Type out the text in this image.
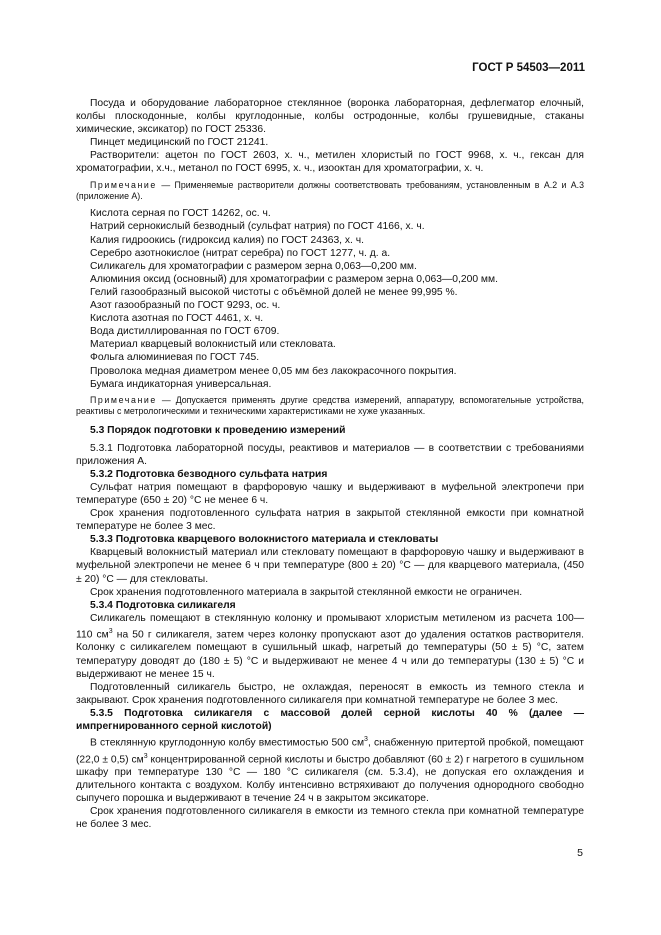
ГОСТ Р 54503—2011

Посуда и оборудование лабораторное стеклянное (воронка лабораторная, дефлегматор елочный, колбы плоскодонные, колбы круглодонные, колбы остродонные, колбы грушевидные, стаканы химические, эксикатор) по ГОСТ 25336.

Пинцет медицинский по ГОСТ 21241.

Растворители: ацетон по ГОСТ 2603, х. ч., метилен хлористый по ГОСТ 9968, х. ч., гексан для хроматографии, х.ч., метанол по ГОСТ 6995, х. ч., изооктан для хроматографии, х. ч.

Примечание — Применяемые растворители должны соответствовать требованиям, установленным в А.2 и А.3 (приложение А).

Кислота серная по ГОСТ 14262, ос. ч.

Натрий сернокислый безводный (сульфат натрия) по ГОСТ 4166, х. ч.

Калия гидроокись (гидроксид калия) по ГОСТ 24363, х. ч.

Серебро азотнокислое (нитрат серебра) по ГОСТ 1277, ч. д. а.

Силикагель для хроматографии с размером зерна 0,063—0,200 мм.

Алюминия оксид (основный) для хроматографии с размером зерна 0,063—0,200 мм.

Гелий газообразный высокой чистоты с объёмной долей не менее 99,995 %.

Азот газообразный по ГОСТ 9293, ос. ч.

Кислота азотная по ГОСТ 4461, х. ч.

Вода дистиллированная по ГОСТ 6709.

Материал кварцевый волокнистый или стекловата.

Фольга алюминиевая по ГОСТ 745.

Проволока медная диаметром менее 0,05 мм без лакокрасочного покрытия.

Бумага индикаторная универсальная.

Примечание — Допускается применять другие средства измерений, аппаратуру, вспомогательные устройства, реактивы с метрологическими и техническими характеристиками не хуже указанных.

5.3 Порядок подготовки к проведению измерений

5.3.1 Подготовка лабораторной посуды, реактивов и материалов — в соответствии с требованиями приложения А.

5.3.2 Подготовка безводного сульфата натрия

Сульфат натрия помещают в фарфоровую чашку и выдерживают в муфельной электропечи при температуре (650 ± 20) °С не менее 6 ч.

Срок хранения подготовленного сульфата натрия в закрытой стеклянной емкости при комнатной температуре не более 3 мес.

5.3.3 Подготовка кварцевого волокнистого материала и стекловаты

Кварцевый волокнистый материал или стекловату помещают в фарфоровую чашку и выдерживают в муфельной электропечи не менее 6 ч при температуре (800 ± 20) °С — для кварцевого материала, (450 ± 20) °С — для стекловаты.

Срок хранения подготовленного материала в закрытой стеклянной емкости не ограничен.

5.3.4 Подготовка силикагеля

Силикагель помещают в стеклянную колонку и промывают хлористым метиленом из расчета 100—110 $см^3$ на 50 г силикагеля, затем через колонку пропускают азот до удаления остатков растворителя. Колонку с силикагелем помещают в сушильный шкаф, нагретый до температуры (50 ± 5) °С, затем температуру доводят до (180 ± 5) °С и выдерживают не менее 4 ч или до температуры (130 ± 5) °С и выдерживают не менее 15 ч.

Подготовленный силикагель быстро, не охлаждая, переносят в емкость из темного стекла и закрывают. Срок хранения подготовленного силикагеля при комнатной температуре не более 3 мес.

5.3.5 Подготовка силикагеля с массовой долей серной кислоты 40 % (далее — импрегнированного серной кислотой)

В стеклянную круглодонную колбу вместимостью 500 $см^3$, снабженную притертой пробкой, помещают (22,0 ± 0,5) $см^3$ концентрированной серной кислоты и быстро добавляют (60 ± 2) г нагретого в сушильном шкафу при температуре 130 °С — 180 °С силикагеля (см. 5.3.4), не допуская его охлаждения и длительного контакта с воздухом. Колбу интенсивно встряхивают до получения однородного свободно сыпучего порошка и выдерживают в течение 24 ч в закрытом эксикаторе.

Срок хранения подготовленного силикагеля в емкости из темного стекла при комнатной температуре не более 3 мес.

5
